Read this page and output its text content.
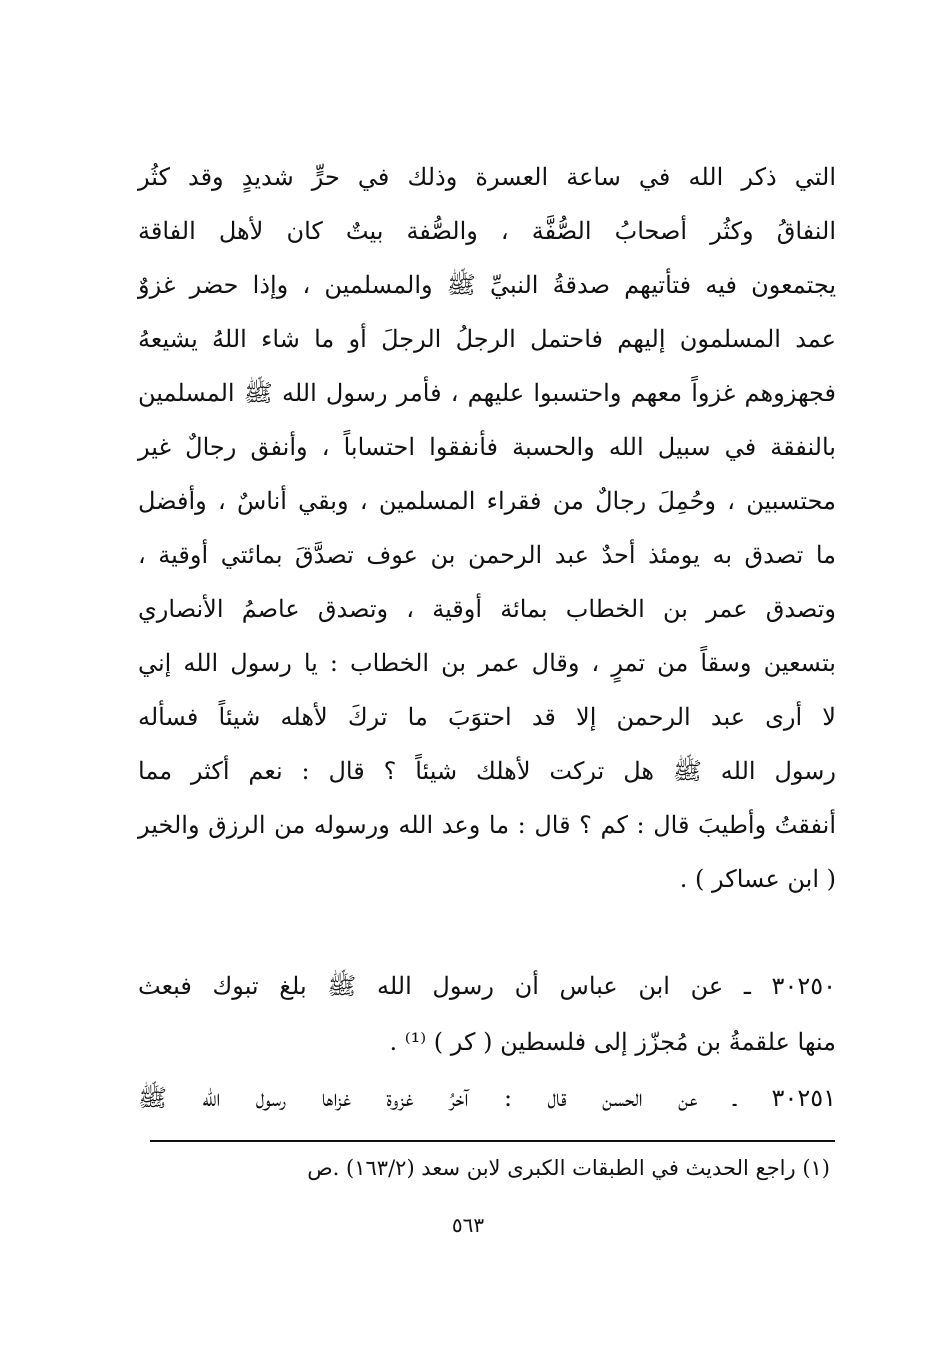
التي ذكر الله في ساعة العسرة وذلك في حرٍّ شديدٍ وقد كثُر
النفاقُ وكثُر أصحابُ الصُّفَّة ، والصُّفة بيتٌ كان لأهل الفاقة
يجتمعون فيه فتأتيهم صدقةُ النبيِّ ﷺ والمسلمين ، وإذا حضر غزوٌ
عمد المسلمون إليهم فاحتمل الرجلُ الرجلَ أو ما شاء اللهُ يشيعهُ
فجهزوهم غزواً معهم واحتسبوا عليهم ، فأمر رسول الله ﷺ المسلمين
بالنفقة في سبيل الله والحسبة فأنفقوا احتساباً ، وأنفق رجالٌ غير
محتسبين ، وحُمِلَ رجالٌ من فقراء المسلمين ، وبقي أناسٌ ، وأفضل
ما تصدق به يومئذ أحدٌ عبد الرحمن بن عوف تصدَّقَ بمائتي أوقية ،
وتصدق عمر بن الخطاب بمائة أوقية ، وتصدق عاصمُ الأنصاري
بتسعين وسقاً من تمرٍ ، وقال عمر بن الخطاب : يا رسول الله إني
لا أرى عبد الرحمن إلا قد احتوَبَ ما تركَ لأهله شيئاً فسأله
رسول الله ﷺ هل تركت لأهلك شيئاً ؟ قال : نعم أكثر مما
أنفقتُ وأطيبَ قال : كم ؟ قال : ما وعد الله ورسوله من الرزق والخير
( ابن عساكر ) .
٣٠٢٥٠ ـ عن ابن عباس أن رسول الله ﷺ بلغ تبوك فبعث
منها علقمةُ بن مُجزّز إلى فلسطين ( كر ) ⁽¹⁾ .
٣٠٢٥١ ـ عن الحسن قال : آخرُ غزوة غزاها رسول الله ﷺ
(١) راجع الحديث في الطبقات الكبرى لابن سعد (١٦٣/٢) .ص
٥٦٣
